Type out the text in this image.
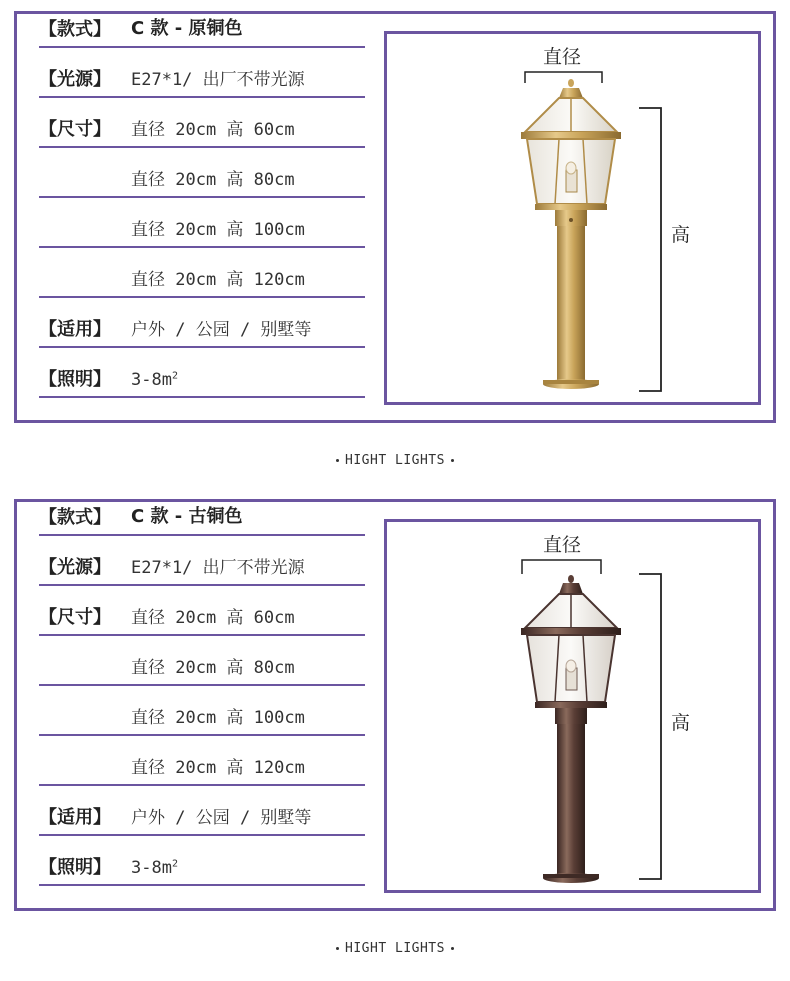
【款式】 C 款 - 原铜色
【光源】 E27*1/ 出厂不带光源
【尺寸】 直径 20cm 高 60cm
直径 20cm 高 80cm
直径 20cm 高 100cm
直径 20cm 高 120cm
【适用】 户外 / 公园 / 别墅等
【照明】 $3-8m^2$
直径
高
HIGHT LIGHTS
【款式】 C 款 - 古铜色
【光源】 E27*1/ 出厂不带光源
【尺寸】 直径 20cm 高 60cm
直径 20cm 高 80cm
直径 20cm 高 100cm
直径 20cm 高 120cm
【适用】 户外 / 公园 / 别墅等
【照明】 $3-8m^2$
直径
高
HIGHT LIGHTS
